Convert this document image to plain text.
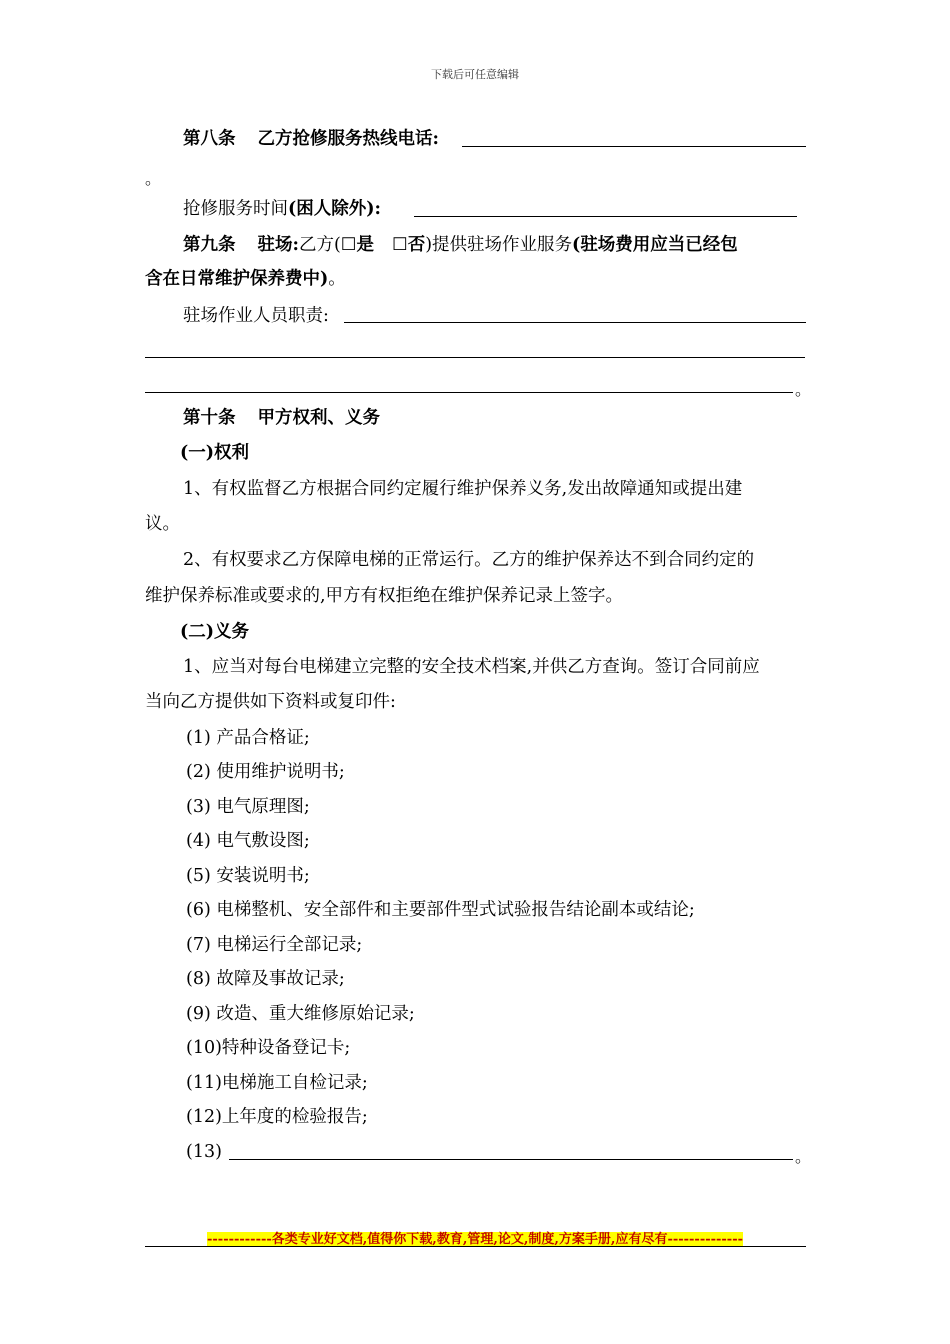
下载后可任意编辑
第八条 乙方抢修服务热线电话:
。
抢修服务时间(困人除外):
第九条 驻场:乙方(☐是 ☐否)提供驻场作业服务(驻场费用应当已经包
含在日常维护保养费中)。
驻场作业人员职责:
。
第十条 甲方权利、义务
(一)权利
1、有权监督乙方根据合同约定履行维护保养义务,发出故障通知或提出建
议。
2、有权要求乙方保障电梯的正常运行。乙方的维护保养达不到合同约定的
维护保养标准或要求的,甲方有权拒绝在维护保养记录上签字。
(二)义务
1、应当对每台电梯建立完整的安全技术档案,并供乙方查询。签订合同前应
当向乙方提供如下资料或复印件:
(1) 产品合格证;
(2) 使用维护说明书;
(3) 电气原理图;
(4) 电气敷设图;
(5) 安装说明书;
(6) 电梯整机、安全部件和主要部件型式试验报告结论副本或结论;
(7) 电梯运行全部记录;
(8) 故障及事故记录;
(9) 改造、重大维修原始记录;
(10)特种设备登记卡;
(11)电梯施工自检记录;
(12)上年度的检验报告;
(13)	。
------------各类专业好文档,值得你下载,教育,管理,论文,制度,方案手册,应有尽有--------------
